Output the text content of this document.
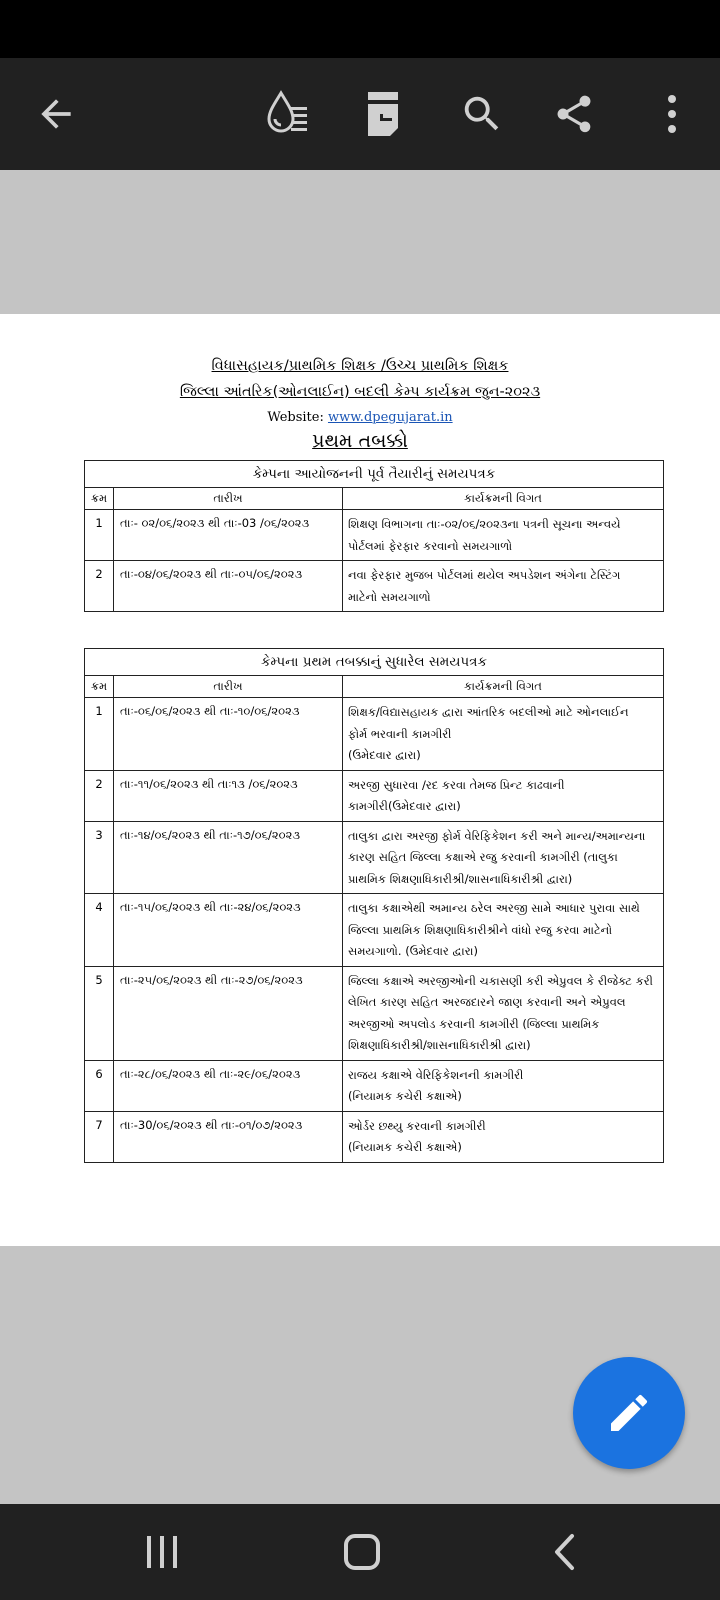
વિધાસહાયક/પ્રાથમિક શિક્ષક /ઉચ્ચ પ્રાથમિક શિક્ષક
જિલ્લા આંતરિક(ઓનલાઈન) બદલી કેમ્પ કાર્યક્રમ જુન-૨૦૨૩
Website: www.dpegujarat.in
પ્રથમ તબક્કો
કેમ્પના આયોજનની પૂર્વ તૈયારીનું સમયપત્રક		
ક્રમ	તારીખ	કાર્યક્રમની વિગત
1	તાઃ- ૦૨/૦૬/૨૦૨૩ થી તાઃ-03 /૦૬/૨૦૨૩	શિક્ષણ વિભાગના તાઃ-૦૨/૦૬/૨૦૨૩ના પત્રની સૂચના અન્વયે
પોર્ટલમાં ફેરફાર કરવાનો સમયગાળો

2	તાઃ-૦૪/૦૬/૨૦૨૩ થી તાઃ-૦૫/૦૬/૨૦૨૩	નવા ફેરફાર મુજબ પોર્ટલમાં થયેલ અપડેશન અંગેના ટેસ્ટિંગ
માટેનો સમયગાળો
કેમ્પના પ્રથમ તબક્કાનું સુધારેલ સમયપત્રક		
ક્રમ	તારીખ	કાર્યક્રમની વિગત
1	તાઃ-૦૬/૦૬/૨૦૨૩ થી તાઃ-૧૦/૦૬/૨૦૨૩	શિક્ષક/વિદ્યાસહાયક દ્વારા આંતરિક બદલીઓ માટે ઓનલાઈન
ફોર્મ ભરવાની કામગીરી
(ઉમેદવાર દ્વારા)

2	તાઃ-૧૧/૦૬/૨૦૨૩ થી તાઃ૧૩ /૦૬/૨૦૨૩	અરજી સુધારવા /રદ કરવા તેમજ પ્રિન્ટ કાઢવાની
કામગીરી(ઉમેદવાર દ્વારા)

3	તાઃ-૧૪/૦૬/૨૦૨૩ થી તાઃ-૧૭/૦૬/૨૦૨૩	તાલુકા દ્વારા અરજી ફોર્મ વેરિફિકેશન કરી અને માન્ય/અમાન્યના
કારણ સહિત જિલ્લા કક્ષાએ રજુ કરવાની કામગીરી (તાલુકા
પ્રાથમિક શિક્ષણાધિકારીશ્રી/શાસનાધિકારીશ્રી દ્વારા)

4	તાઃ-૧૫/૦૬/૨૦૨૩ થી તાઃ-૨૪/૦૬/૨૦૨૩	તાલુકા કક્ષાએથી અમાન્ય ઠરેલ અરજી સામે આધાર પુરાવા સાથે
જિલ્લા પ્રાથમિક શિક્ષણાધિકારીશ્રીને વાંધો રજુ કરવા માટેનો
સમયગાળો. (ઉમેદવાર દ્વારા)

5	તાઃ-૨૫/૦૬/૨૦૨૩ થી તાઃ-૨૭/૦૬/૨૦૨૩	જિલ્લા કક્ષાએ અરજીઓની ચકાસણી કરી એપ્રુવલ કે રીજેક્ટ કરી
લેખિત કારણ સહિત અરજદારને જાણ કરવાની અને એપ્રુવલ
અરજીઓ અપલોડ કરવાની કામગીરી (જિલ્લા પ્રાથમિક
શિક્ષણાધિકારીશ્રી/શાસનાધિકારીશ્રી દ્વારા)

6	તાઃ-૨૮/૦૬/૨૦૨૩ થી તાઃ-૨૯/૦૬/૨૦૨૩	રાજય કક્ષાએ વેરિફિકેશનની કામગીરી
(નિયામક કચેરી કક્ષાએ)

7	તાઃ-30/૦૬/૨૦૨૩ થી તાઃ-૦૧/૦૭/૨૦૨૩	ઓર્ડર છથ્યુ કરવાની કામગીરી
(નિયામક કચેરી કક્ષાએ)
